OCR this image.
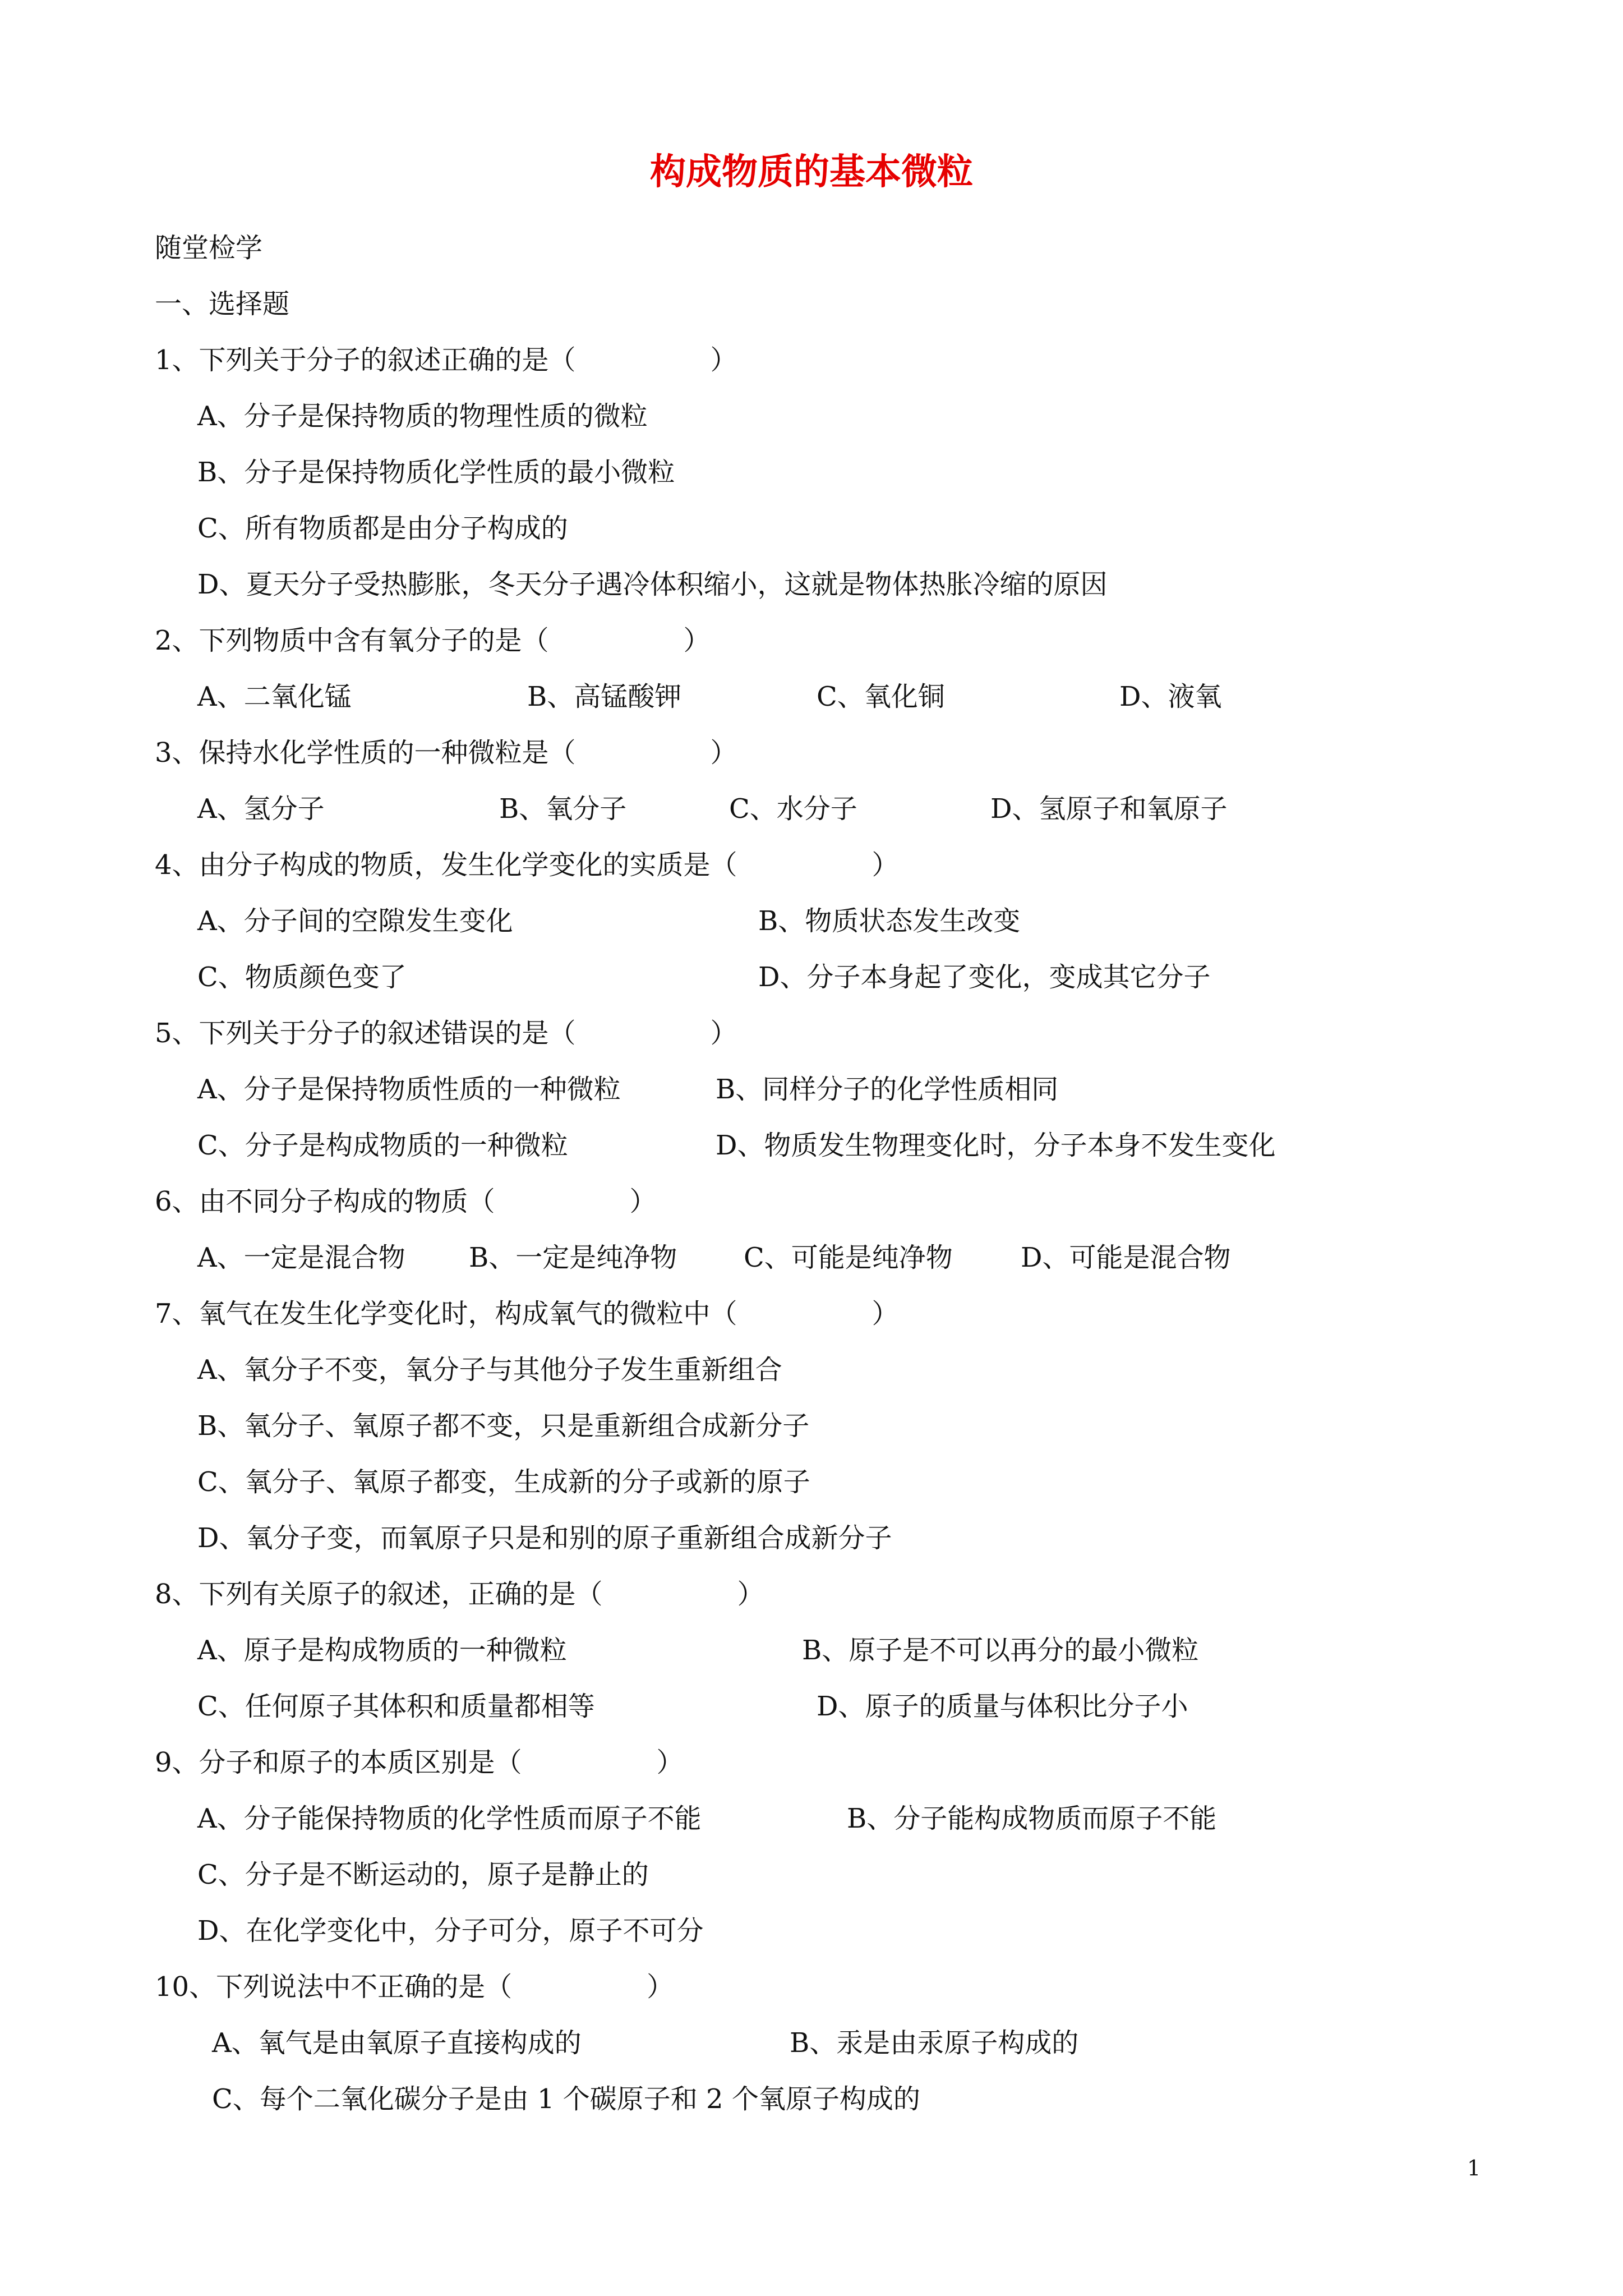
构成物质的基本微粒
随堂检学
一、选择题
1、下列关于分子的叙述正确的是（　　　　　）
A、分子是保持物质的物理性质的微粒
B、分子是保持物质化学性质的最小微粒
C、所有物质都是由分子构成的
D、夏天分子受热膨胀，冬天分子遇冷体积缩小，这就是物体热胀冷缩的原因
2、下列物质中含有氧分子的是（　　　　　）
A、二氧化锰	B、高锰酸钾	C、氧化铜	D、液氧
3、保持水化学性质的一种微粒是（　　　　　）
A、氢分子	B、氧分子	C、水分子	D、氢原子和氧原子
4、由分子构成的物质，发生化学变化的实质是（　　　　　）
A、分子间的空隙发生变化	B、物质状态发生改变
C、物质颜色变了	D、分子本身起了变化，变成其它分子
5、下列关于分子的叙述错误的是（　　　　　）
A、分子是保持物质性质的一种微粒	B、同样分子的化学性质相同
C、分子是构成物质的一种微粒	D、物质发生物理变化时，分子本身不发生变化
6、由不同分子构成的物质（　　　　　）
A、一定是混合物 B、一定是纯净物 C、可能是纯净物	D、可能是混合物
7、氧气在发生化学变化时，构成氧气的微粒中（　　　　　）
A、氧分子不变，氧分子与其他分子发生重新组合
B、氧分子、氧原子都不变，只是重新组合成新分子
C、氧分子、氧原子都变，生成新的分子或新的原子
D、氧分子变，而氧原子只是和别的原子重新组合成新分子
8、下列有关原子的叙述，正确的是（　　　　　）
A、原子是构成物质的一种微粒	B、原子是不可以再分的最小微粒
C、任何原子其体积和质量都相等	D、原子的质量与体积比分子小
9、分子和原子的本质区别是（　　　　　）
A、分子能保持物质的化学性质而原子不能	B、分子能构成物质而原子不能
C、分子是不断运动的，原子是静止的
D、在化学变化中，分子可分，原子不可分
10、下列说法中不正确的是（　　　　　）
A、氧气是由氧原子直接构成的	B、汞是由汞原子构成的
C、每个二氧化碳分子是由 1 个碳原子和 2 个氧原子构成的
1
